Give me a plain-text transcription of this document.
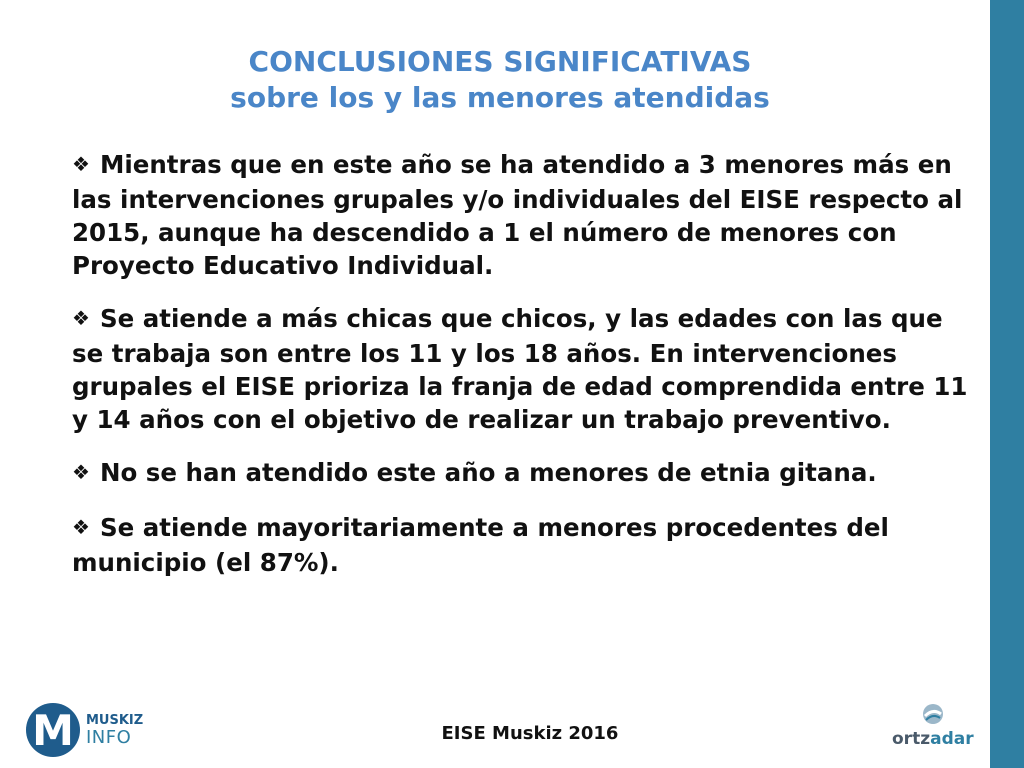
CONCLUSIONES SIGNIFICATIVAS
sobre los y las menores atendidas
❖ Mientras que en este año se ha atendido a 3 menores más en las intervenciones grupales y/o individuales del EISE respecto al 2015, aunque ha descendido a 1 el número de menores con Proyecto Educativo Individual.
❖ Se atiende a más chicas que chicos, y las edades con las que se trabaja son entre los 11 y los 18 años. En intervenciones grupales el EISE prioriza la franja de edad comprendida entre 11 y 14 años con el objetivo de realizar un trabajo preventivo.
❖ No se han atendido este año a menores de etnia gitana.
❖ Se atiende mayoritariamente a menores procedentes del municipio (el 87%).
M MUSKIZ
INFO	EISE Muskiz 2016	ortzadar
